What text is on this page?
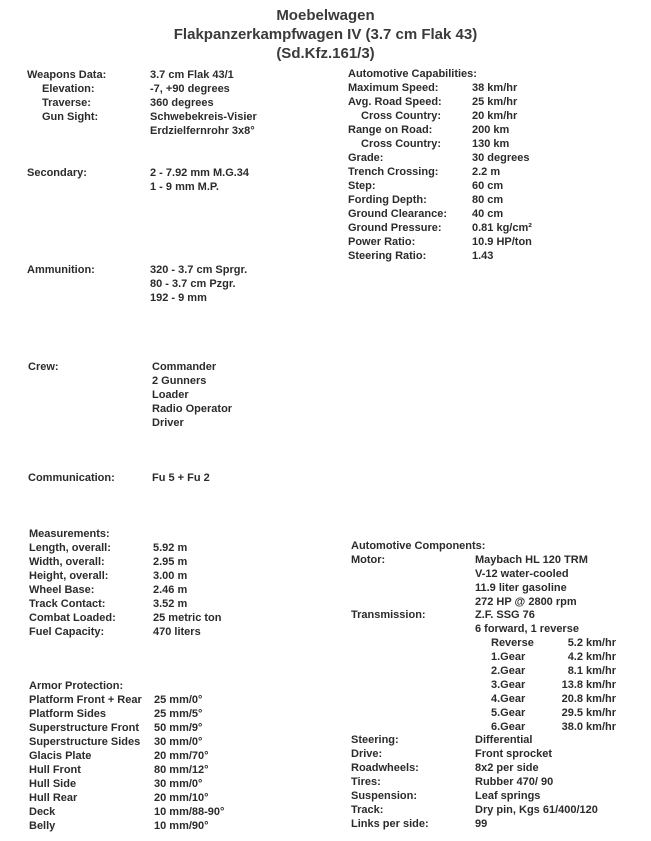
Moebelwagen
Flakpanzerkampfwagen IV (3.7 cm Flak 43)
(Sd.Kfz.161/3)
Weapons Data:	3.7 cm Flak 43/1
Elevation:	-7, +90 degrees
Traverse:	360 degrees
Gun Sight:	Schwebekreis-Visier
Erdzielfernrohr 3x8°
Secondary:	2 - 7.92 mm M.G.34
1 - 9 mm M.P.
Ammunition:	320 - 3.7 cm Sprgr.
80 - 3.7 cm Pzgr.
192 - 9 mm
Crew:	Commander
2 Gunners
Loader
Radio Operator
Driver
Communication:	Fu 5 + Fu 2
Automotive Capabilities:
Maximum Speed:	38 km/hr
Avg. Road Speed:	25 km/hr
Cross Country:	20 km/hr
Range on Road:	200 km
Cross Country:	130 km
Grade:	30 degrees
Trench Crossing:	2.2 m
Step:	60 cm
Fording Depth:	80 cm
Ground Clearance: 40 cm
Ground Pressure:	0.81 kg/cm²
Power Ratio:	10.9 HP/ton
Steering Ratio:	1.43
Measurements:
Length, overall:	5.92 m
Width, overall:	2.95 m
Height, overall:	3.00 m
Wheel Base:	2.46 m
Track Contact:	3.52 m
Combat Loaded:	25 metric ton
Fuel Capacity:	470 liters
Armor Protection:
Platform Front + Rear 25 mm/0°
Platform Sides	25 mm/5°
Superstructure Front 50 mm/9°
Superstructure Sides 30 mm/0°
Glacis Plate	20 mm/70°
Hull Front	80 mm/12°
Hull Side	30 mm/0°
Hull Rear	20 mm/10°
Deck	10 mm/88-90°
Belly	10 mm/90°
Automotive Components:
Motor:	Maybach HL 120 TRM
V-12 water-cooled
11.9 liter gasoline
272 HP @ 2800 rpm
Transmission:	Z.F. SSG 76
6 forward, 1 reverse
Reverse	5.2 km/hr
1.Gear	4.2 km/hr
2.Gear	8.1 km/hr
3.Gear	13.8 km/hr
4.Gear	20.8 km/hr
5.Gear	29.5 km/hr
6.Gear	38.0 km/hr
Steering:	Differential
Drive:	Front sprocket
Roadwheels:	8x2 per side
Tires:	Rubber 470/ 90
Suspension:	Leaf springs
Track:	Dry pin, Kgs 61/400/120
Links per side:	99
